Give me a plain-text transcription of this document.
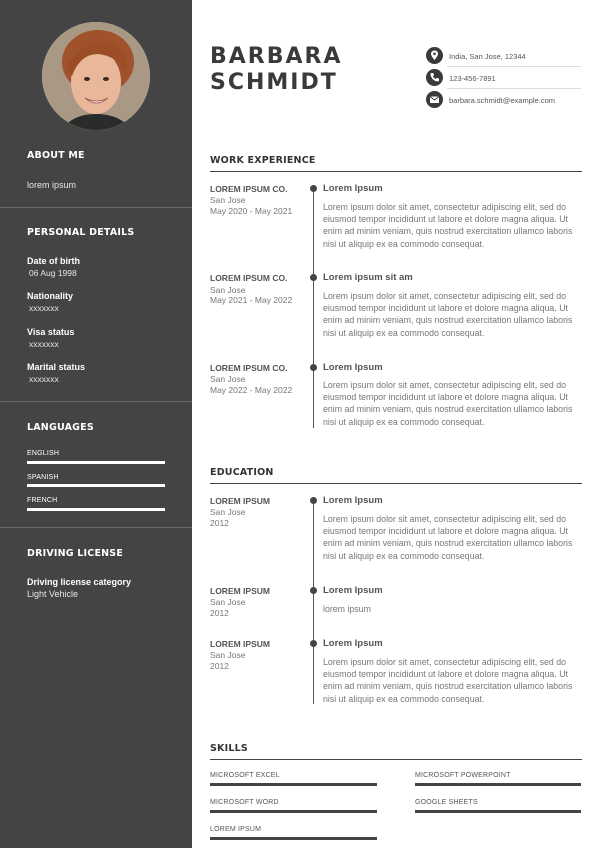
ABOUT ME
lorem ipsum
PERSONAL DETAILS
Date of birth
06 Aug 1998
Nationality
xxxxxxx
Visa status
xxxxxxx
Marital status
xxxxxxx
LANGUAGES
ENGLISH
SPANISH
FRENCH
DRIVING LICENSE
Driving license category
Light Vehicle
BARBARA
SCHMIDT
India, San Jose, 12344
123-456-7891
barbara.schmidt@example.com
WORK EXPERIENCE
LOREM IPSUM CO.
San Jose
May 2020 - May 2021
Lorem Ipsum
Lorem ipsum dolor sit amet, consectetur adipiscing elit, sed do eiusmod tempor incididunt ut labore et dolore magna aliqua. Ut enim ad minim veniam, quis nostrud exercitation ullamco laboris nisi ut aliquip ex ea commodo consequat.
LOREM IPSUM CO.
San Jose
May 2021 - May 2022
Lorem ipsum sit am
Lorem ipsum dolor sit amet, consectetur adipiscing elit, sed do eiusmod tempor incididunt ut labore et dolore magna aliqua. Ut enim ad minim veniam, quis nostrud exercitation ullamco laboris nisi ut aliquip ex ea commodo consequat.
LOREM IPSUM CO.
San Jose
May 2022 - May 2022
Lorem Ipsum
Lorem ipsum dolor sit amet, consectetur adipiscing elit, sed do eiusmod tempor incididunt ut labore et dolore magna aliqua. Ut enim ad minim veniam, quis nostrud exercitation ullamco laboris nisi ut aliquip ex ea commodo consequat.
EDUCATION
LOREM IPSUM
San Jose
2012
Lorem Ipsum
Lorem ipsum dolor sit amet, consectetur adipiscing elit, sed do eiusmod tempor incididunt ut labore et dolore magna aliqua. Ut enim ad minim veniam, quis nostrud exercitation ullamco laboris nisi ut aliquip ex ea commodo consequat.
LOREM IPSUM
San Jose
2012
Lorem Ipsum
lorem ipsum
LOREM IPSUM
San Jose
2012
Lorem Ipsum
Lorem ipsum dolor sit amet, consectetur adipiscing elit, sed do eiusmod tempor incididunt ut labore et dolore magna aliqua. Ut enim ad minim veniam, quis nostrud exercitation ullamco laboris nisi ut aliquip ex ea commodo consequat.
SKILLS
MICROSOFT EXCEL	MICROSOFT POWERPOINT
MICROSOFT WORD	GOOGLE SHEETS
LOREM IPSUM
